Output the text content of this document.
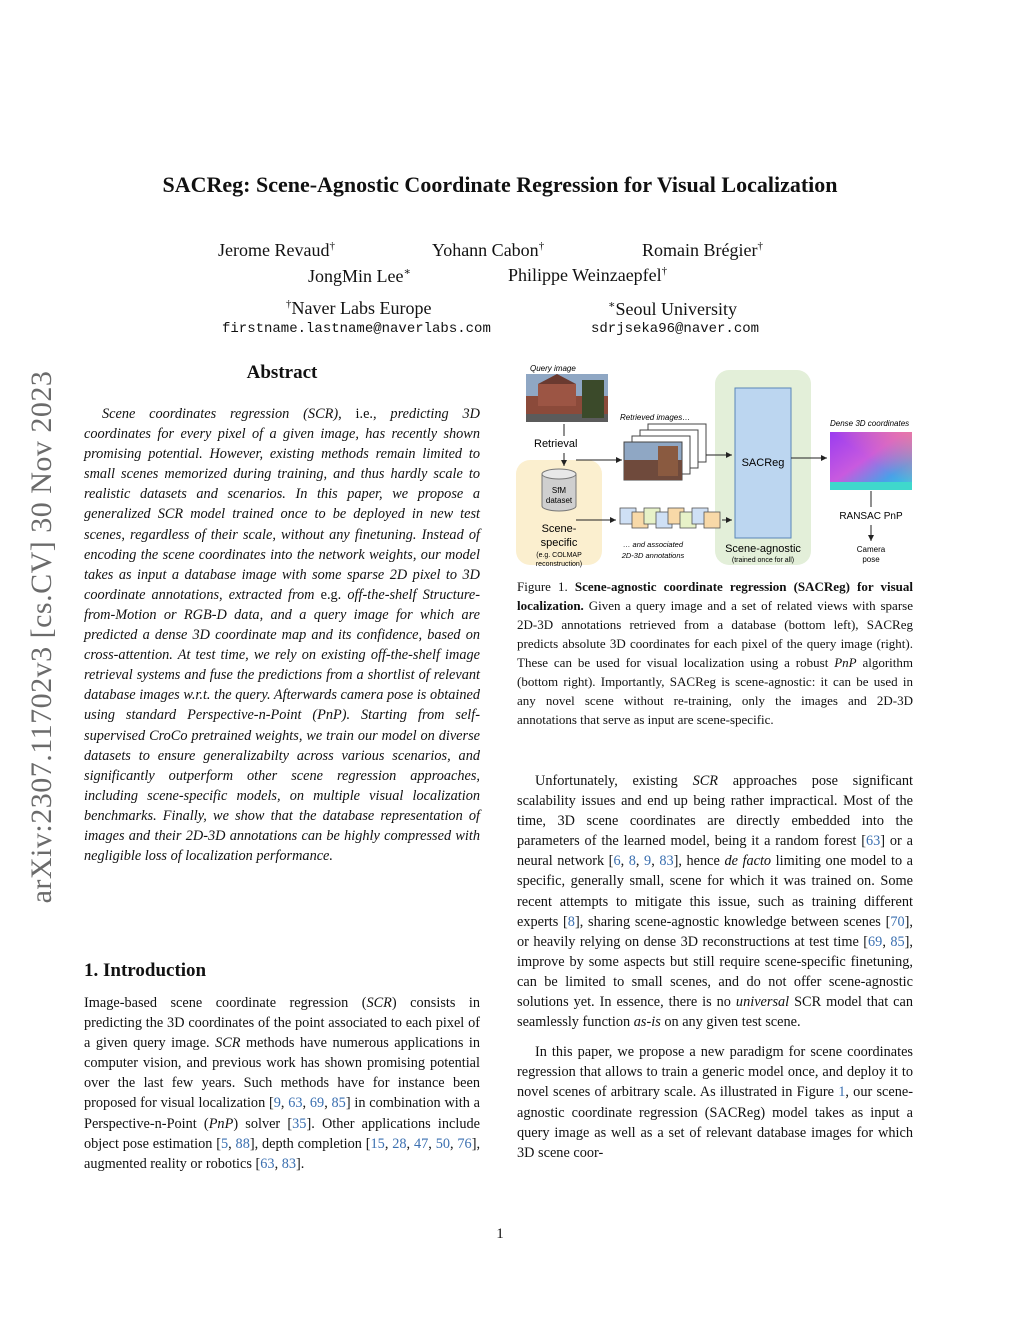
arXiv:2307.11702v3 [cs.CV] 30 Nov 2023
SACReg: Scene-Agnostic Coordinate Regression for Visual Localization
Jerome Revaud†	Yohann Cabon†	Romain Brégier†
JongMin Lee∗	Philippe Weinzaepfel†
†Naver Labs Europe	∗Seoul University
firstname.lastname@naverlabs.com	sdrjseka96@naver.com
Abstract
Scene coordinates regression (SCR), i.e., predicting 3D coordinates for every pixel of a given image, has recently shown promising potential. However, existing methods remain limited to small scenes memorized during training, and thus hardly scale to realistic datasets and scenarios. In this paper, we propose a generalized SCR model trained once to be deployed in new test scenes, regardless of their scale, without any finetuning. Instead of encoding the scene coordinates into the network weights, our model takes as input a database image with some sparse 2D pixel to 3D coordinate annotations, extracted from e.g. off-the-shelf Structure-from-Motion or RGB-D data, and a query image for which are predicted a dense 3D coordinate map and its confidence, based on cross-attention. At test time, we rely on existing off-the-shelf image retrieval systems and fuse the predictions from a shortlist of relevant database images w.r.t. the query. Afterwards camera pose is obtained using standard Perspective-n-Point (PnP). Starting from self-supervised CroCo pretrained weights, we train our model on diverse datasets to ensure generalizabilty across various scenarios, and significantly outperform other scene regression approaches, including scene-specific models, on multiple visual localization benchmarks. Finally, we show that the database representation of images and their 2D-3D annotations can be highly compressed with negligible loss of localization performance.
1. Introduction
Image-based scene coordinate regression (SCR) consists in predicting the 3D coordinates of the point associated to each pixel of a given query image. SCR methods have numerous applications in computer vision, and previous work has shown promising potential over the last few years. Such methods have for instance been proposed for visual localization [9, 63, 69, 85] in combination with a Perspective-n-Point (PnP) solver [35]. Other applications include object pose estimation [5, 88], depth completion [15, 28, 47, 50, 76], augmented reality or robotics [63, 83].
Query image
Retrieval
SfM
dataset
Scene-
specific
(e.g. COLMAP
reconstruction)
Retrieved images…
… and associated
2D-3D annotations
SACReg
Scene-agnostic
(trained once for all)
Dense 3D coordinates
RANSAC PnP
Camera
pose
Figure 1. Scene-agnostic coordinate regression (SACReg) for visual localization. Given a query image and a set of related views with sparse 2D-3D annotations retrieved from a database (bottom left), SACReg predicts absolute 3D coordinates for each pixel of the query image (right). These can be used for visual localization using a robust PnP algorithm (bottom right). Importantly, SACReg is scene-agnostic: it can be used in any novel scene without re-training, only the images and 2D-3D annotations that serve as input are scene-specific.

Unfortunately, existing SCR approaches pose significant scalability issues and end up being rather impractical. Most of the time, 3D scene coordinates are directly embedded into the parameters of the learned model, being it a random forest [63] or a neural network [6, 8, 9, 83], hence de facto limiting one model to a specific, generally small, scene for which it was trained on. Some recent attempts to mitigate this issue, such as training different experts [8], sharing scene-agnostic knowledge between scenes [70], or heavily relying on dense 3D reconstructions at test time [69, 85], improve by some aspects but still require scene-specific finetuning, can be limited to small scenes, and do not offer scene-agnostic solutions yet. In essence, there is no universal SCR model that can seamlessly function as-is on any given test scene.

In this paper, we propose a new paradigm for scene coordinates regression that allows to train a generic model once, and deploy it to novel scenes of arbitrary scale. As illustrated in Figure 1, our scene-agnostic coordinate regression (SACReg) model takes as input a query image as well as a set of relevant database images for which 3D scene coor-

1
